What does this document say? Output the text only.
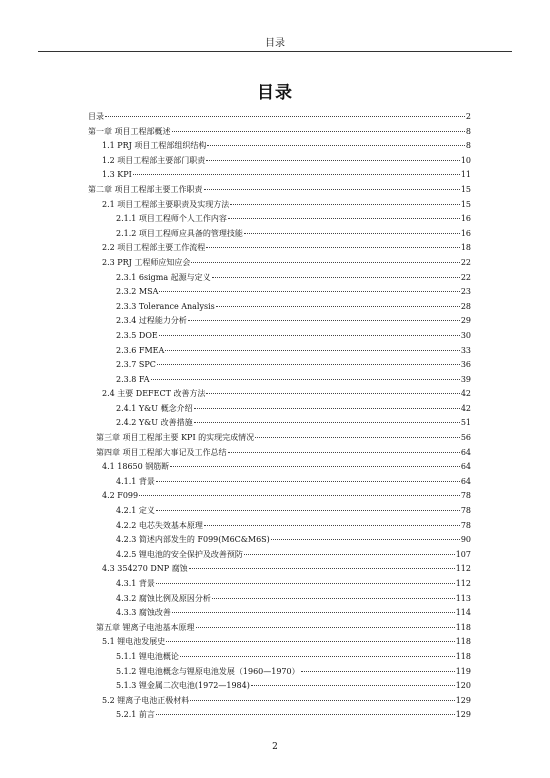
目录
目录
目录	2
第一章 项目工程部概述	8
1.1 PRJ 项目工程部组织结构	8
1.2 项目工程部主要部门职责	10
1.3 KPI	11
第二章 项目工程部主要工作职责	15
2.1 项目工程部主要职责及实现方法	15
2.1.1 项目工程师个人工作内容	16
2.1.2 项目工程师应具备的管理技能	16
2.2 项目工程部主要工作流程	18
2.3 PRJ 工程师应知应会	22
2.3.1 6sigma 起源与定义	22
2.3.2 MSA	23
2.3.3 Tolerance Analysis	28
2.3.4 过程能力分析	29
2.3.5 DOE	30
2.3.6 FMEA	33
2.3.7 SPC	36
2.3.8 FA	39
2.4 主要 DEFECT 改善方法	42
2.4.1 Y&U 概念介绍	42
2.4.2 Y&U 改善措施	51
第三章 项目工程部主要 KPI 的实现完成情况	56
第四章 项目工程部大事记及工作总结	64
4.1 18650 钢筋断	64
4.1.1 背景	64
4.2 F099	78
4.2.1 定义	78
4.2.2 电芯失效基本原理	78
4.2.3 简述内部发生的 F099(M6C&M6S)	90
4.2.5 锂电池的安全保护及改善预防	107
4.3 354270 DNP 腐蚀	112
4.3.1 背景	112
4.3.2 腐蚀比例及原因分析	113
4.3.3 腐蚀改善	114
第五章 锂离子电池基本原理	118
5.1 锂电池发展史	118
5.1.1 锂电池概论	118
5.1.2 锂电池概念与锂原电池发展（1960—1970）	119
5.1.3 锂金属二次电池(1972—1984)	120
5.2 锂离子电池正极材料	129
5.2.1 前言	129
2
